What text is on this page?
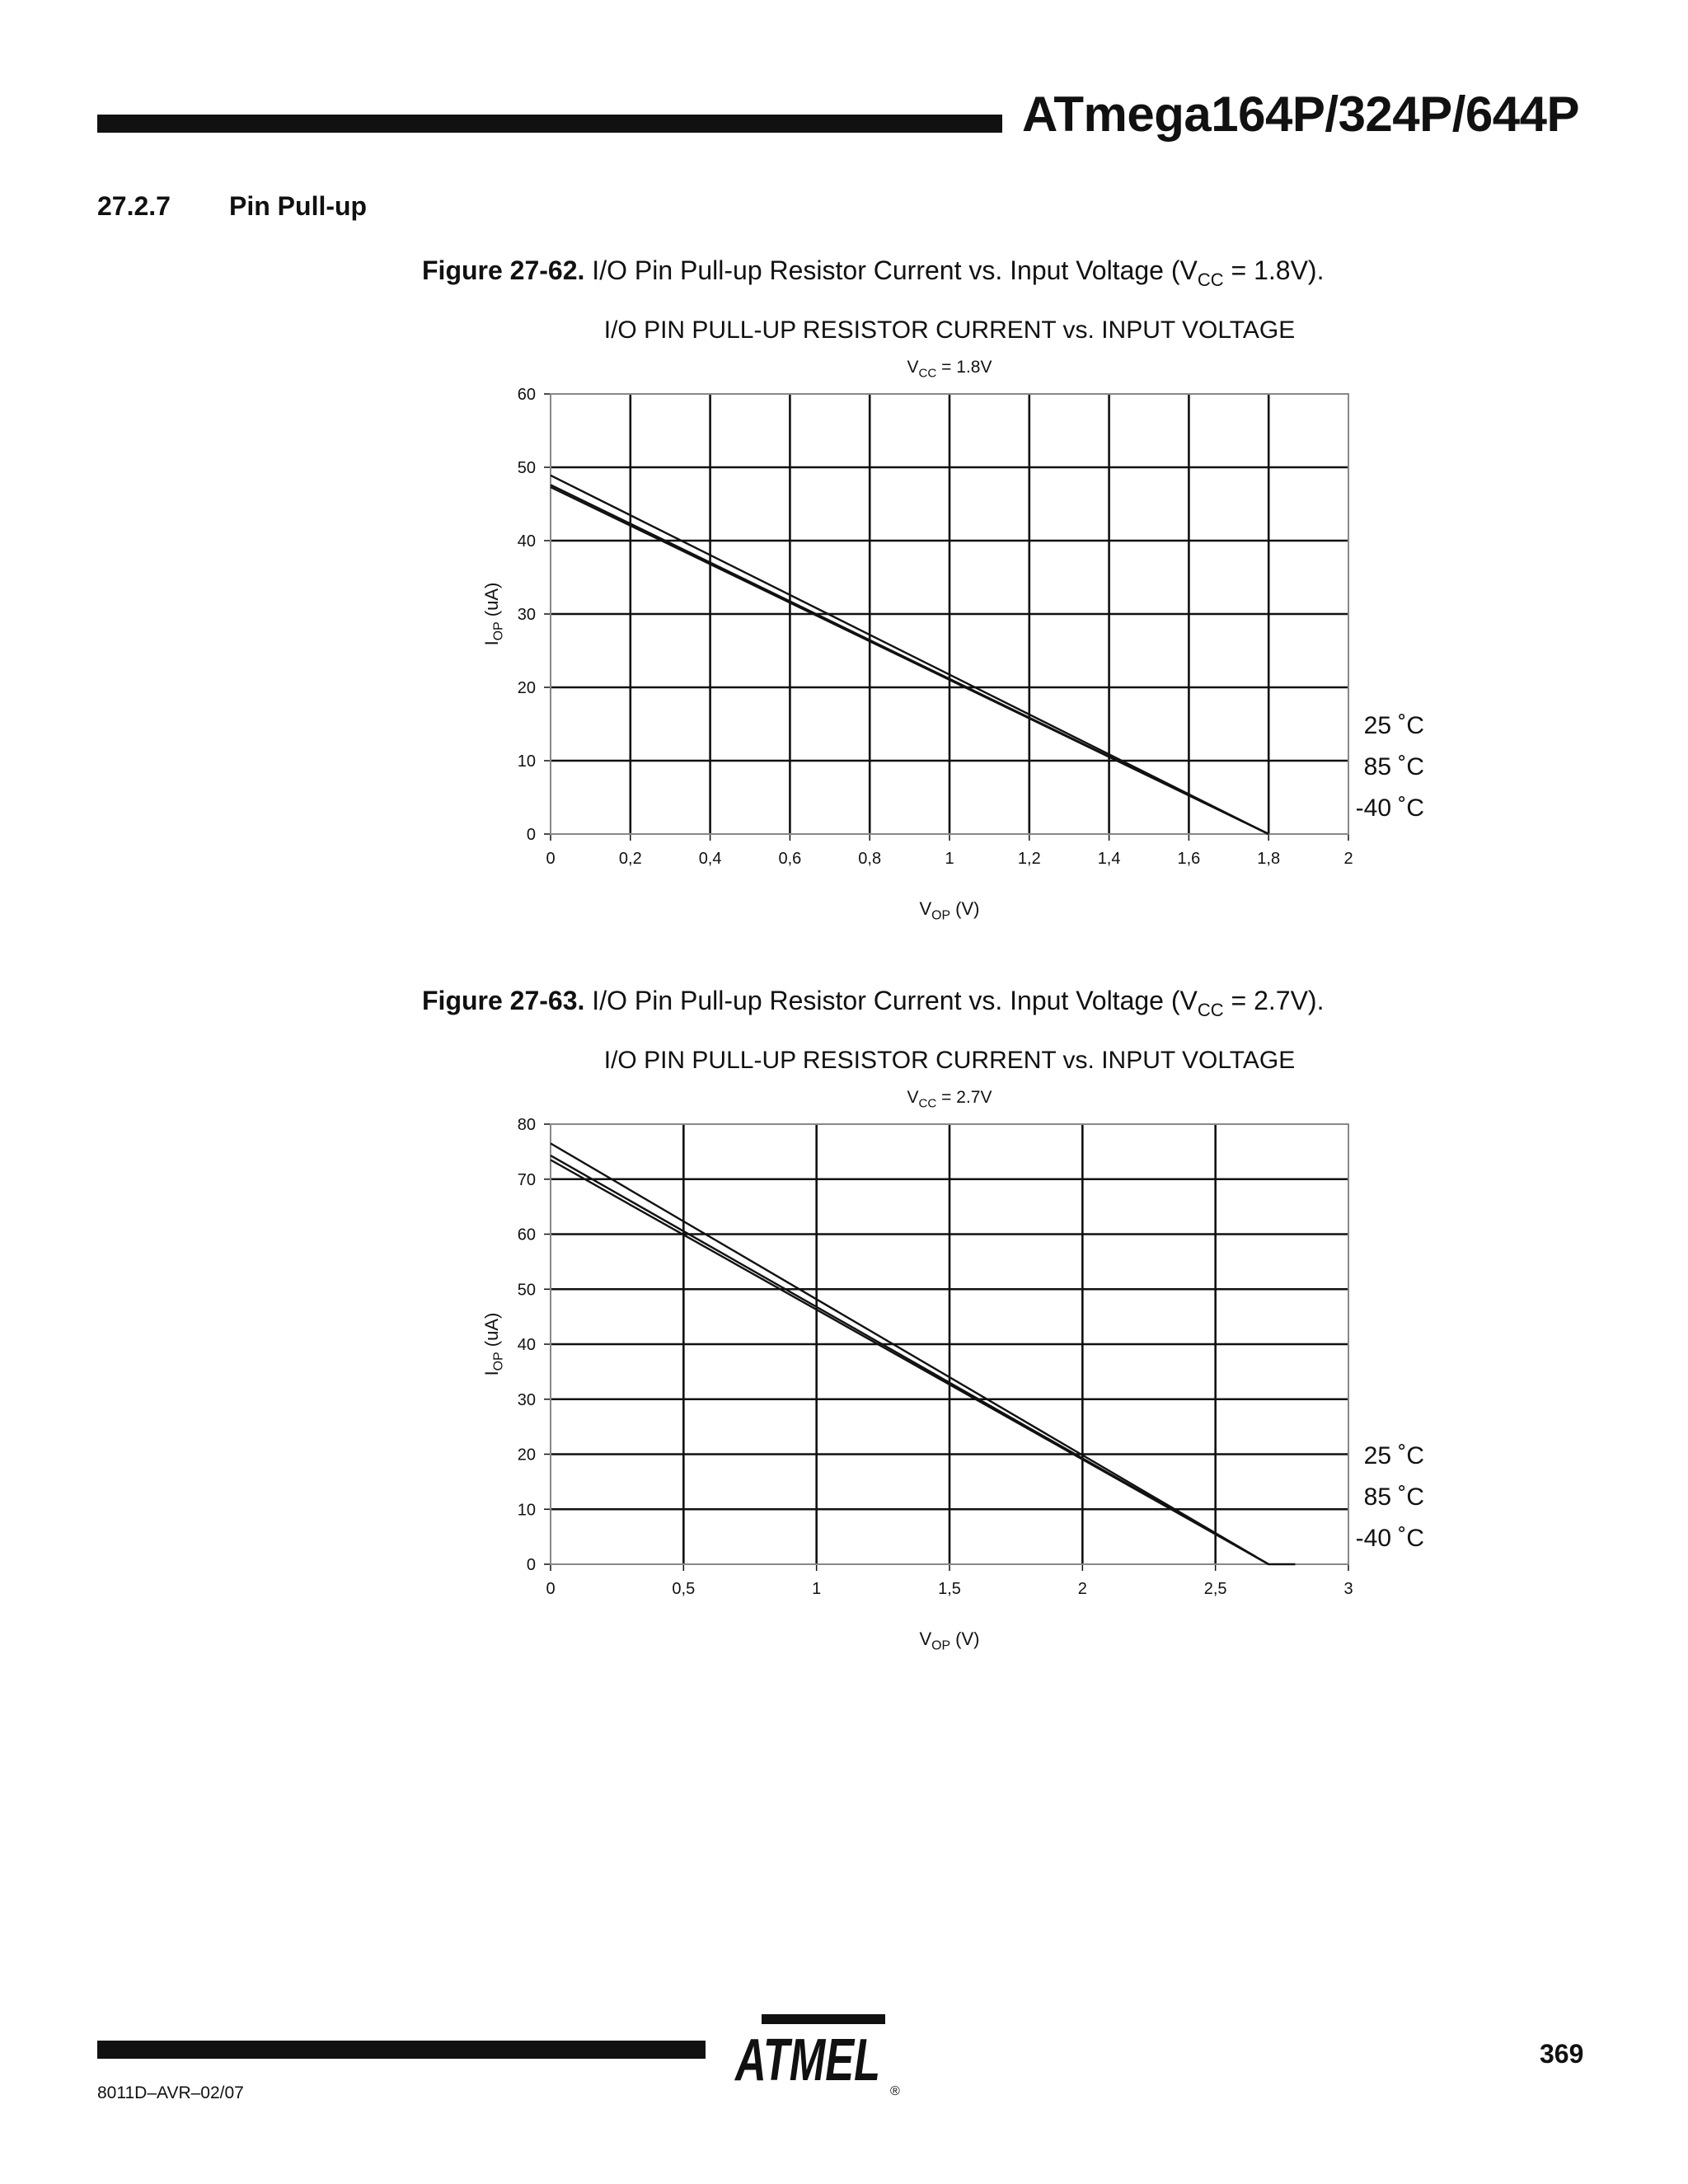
ATmega164P/324P/644P
27.2.7 Pin Pull-up
Figure 27-62. I/O Pin Pull-up Resistor Current vs. Input Voltage $(V_{CC} = 1.8V)$.
I/O PIN PULL-UP RESISTOR CURRENT vs. INPUT VOLTAGE
$V_{CC} = 1.8V$
0	0,2	0,4	0,6	0,8	1	1,2	1,4	1,6	1,8	2
0
10
20
30
40
50
60
$V_{OP}$ (V)
$I_{OP}$ (uA)
25 ˚C
85 ˚C
-40 ˚C
Figure 27-63. I/O Pin Pull-up Resistor Current vs. Input Voltage $(V_{CC} = 2.7V)$.
I/O PIN PULL-UP RESISTOR CURRENT vs. INPUT VOLTAGE
$V_{CC} = 2.7V$
0	0,5	1	1,5	2	2,5	3
0
10
20
30
40
50
60
70
80
$V_{OP}$ (V)
$I_{OP}$ (uA)
25 ˚C
85 ˚C
-40 ˚C
8011D–AVR–02/07
369
ATMEL ®
